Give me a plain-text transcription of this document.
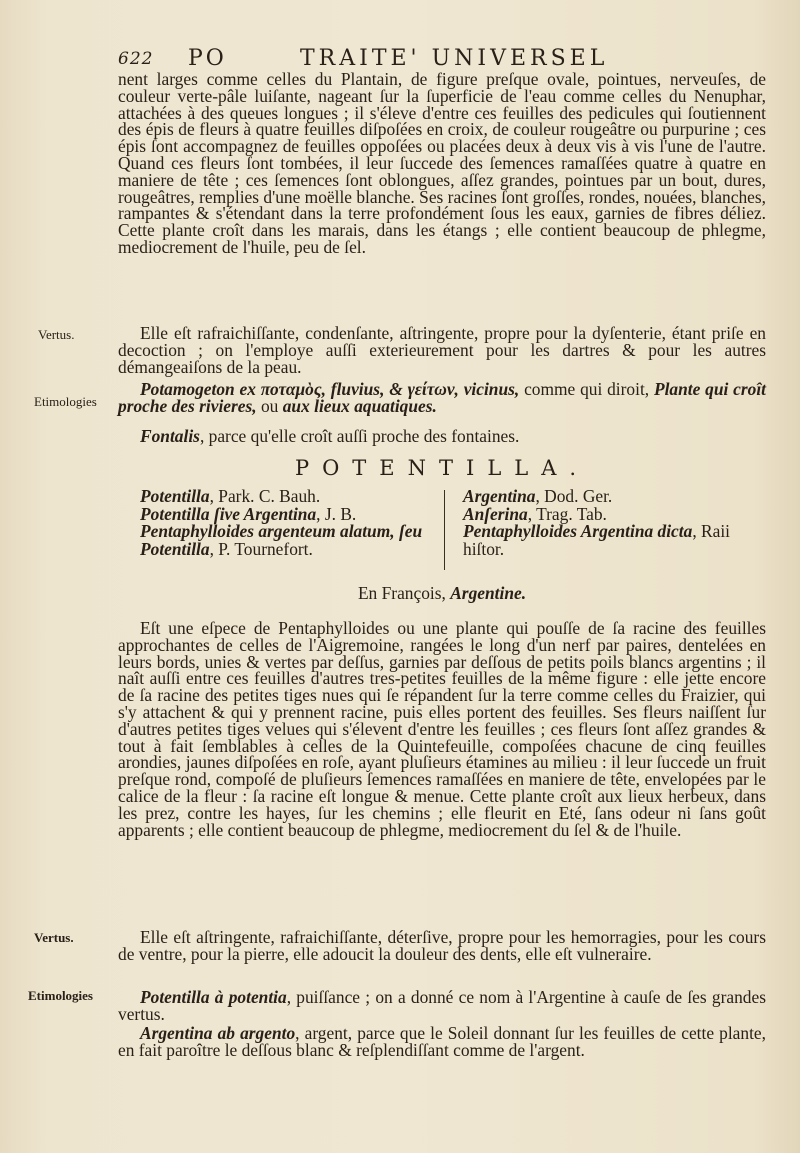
622 PO	TRAITE' UNIVERSEL

nent larges comme celles du Plantain, de figure preſque ovale, pointues, nerveuſes, de couleur verte-pâle luiſante, nageant ſur la ſuperficie de l'eau comme celles du Nenuphar, attachées à des queues longues ; il s'éleve d'entre ces feuilles des pedicules qui ſoutiennent des épis de fleurs à quatre feuilles diſpoſées en croix, de couleur rougeâtre ou purpurine ; ces épis ſont accompagnez de feuilles oppoſées ou placées deux à deux vis à vis l'une de l'autre. Quand ces fleurs ſont tombées, il leur ſuccede des ſemences ramaſſées quatre à quatre en maniere de tête ; ces ſemences ſont oblongues, aſſez grandes, pointues par un bout, dures, rougeâtres, remplies d'une moëlle blanche. Ses racines ſont groſſes, rondes, nouées, blanches, rampantes & s'étendant dans la terre profondément ſous les eaux, garnies de fibres déliez. Cette plante croît dans les marais, dans les étangs ; elle contient beaucoup de phlegme, mediocrement de l'huile, peu de ſel.

Vertus.	Elle eſt rafraichiſſante, condenſante, aſtringente, propre pour la dyſenterie, étant priſe en decoction ; on l'employe auſſi exterieurement pour les dartres & pour les autres démangeaiſons de la peau.

Etimologies

Potamogeton ex ποταμὸς, fluvius, & γείτων, vicinus, comme qui diroit, Plante qui croît proche des rivieres, ou aux lieux aquatiques.

Fontalis, parce qu'elle croît auſſi proche des fontaines.

POTENTILLA.
Potentilla, Park. C. Bauh.
Potentilla ſive Argentina, J. B.
Pentaphylloides argenteum alatum, ſeu
Potentilla, P. Tournefort.
Argentina, Dod. Ger.
Anſerina, Trag. Tab.
Pentaphylloides Argentina dicta, Raii
hiſtor.
En François, Argentine.

Eſt une eſpece de Pentaphylloides ou une plante qui pouſſe de ſa racine des feuilles approchantes de celles de l'Aigremoine, rangées le long d'un nerf par paires, dentelées en leurs bords, unies & vertes par deſſus, garnies par deſſous de petits poils blancs argentins ; il naît auſſi entre ces feuilles d'autres tres-petites feuilles de la même figure : elle jette encore de ſa racine des petites tiges nues qui ſe répandent ſur la terre comme celles du Fraizier, qui s'y attachent & qui y prennent racine, puis elles portent des feuilles. Ses fleurs naiſſent ſur d'autres petites tiges velues qui s'élevent d'entre les feuilles ; ces fleurs ſont aſſez grandes & tout à fait ſemblables à celles de la Quintefeuille, compoſées chacune de cinq feuilles arondies, jaunes diſpoſées en roſe, ayant pluſieurs étamines au milieu : il leur ſuccede un fruit preſque rond, compoſé de pluſieurs ſemences ramaſſées en maniere de tête, envelopées par le calice de la fleur : ſa racine eſt longue & menue. Cette plante croît aux lieux herbeux, dans les prez, contre les hayes, ſur les chemins ; elle fleurit en Eté, ſans odeur ni ſans goût apparents ; elle contient beaucoup de phlegme, mediocrement du ſel & de l'huile.

Vertus.	Elle eſt aſtringente, rafraichiſſante, déterſive, propre pour les hemorragies, pour les cours de ventre, pour la pierre, elle adoucit la douleur des dents, elle eſt vulneraire.

Etimologies	Potentilla à potentia, puiſſance ; on a donné ce nom à l'Argentine à cauſe de ſes grandes vertus.

Argentina ab argento, argent, parce que le Soleil donnant ſur les feuilles de cette plante, en fait paroître le deſſous blanc & reſplendiſſant comme de l'argent.
